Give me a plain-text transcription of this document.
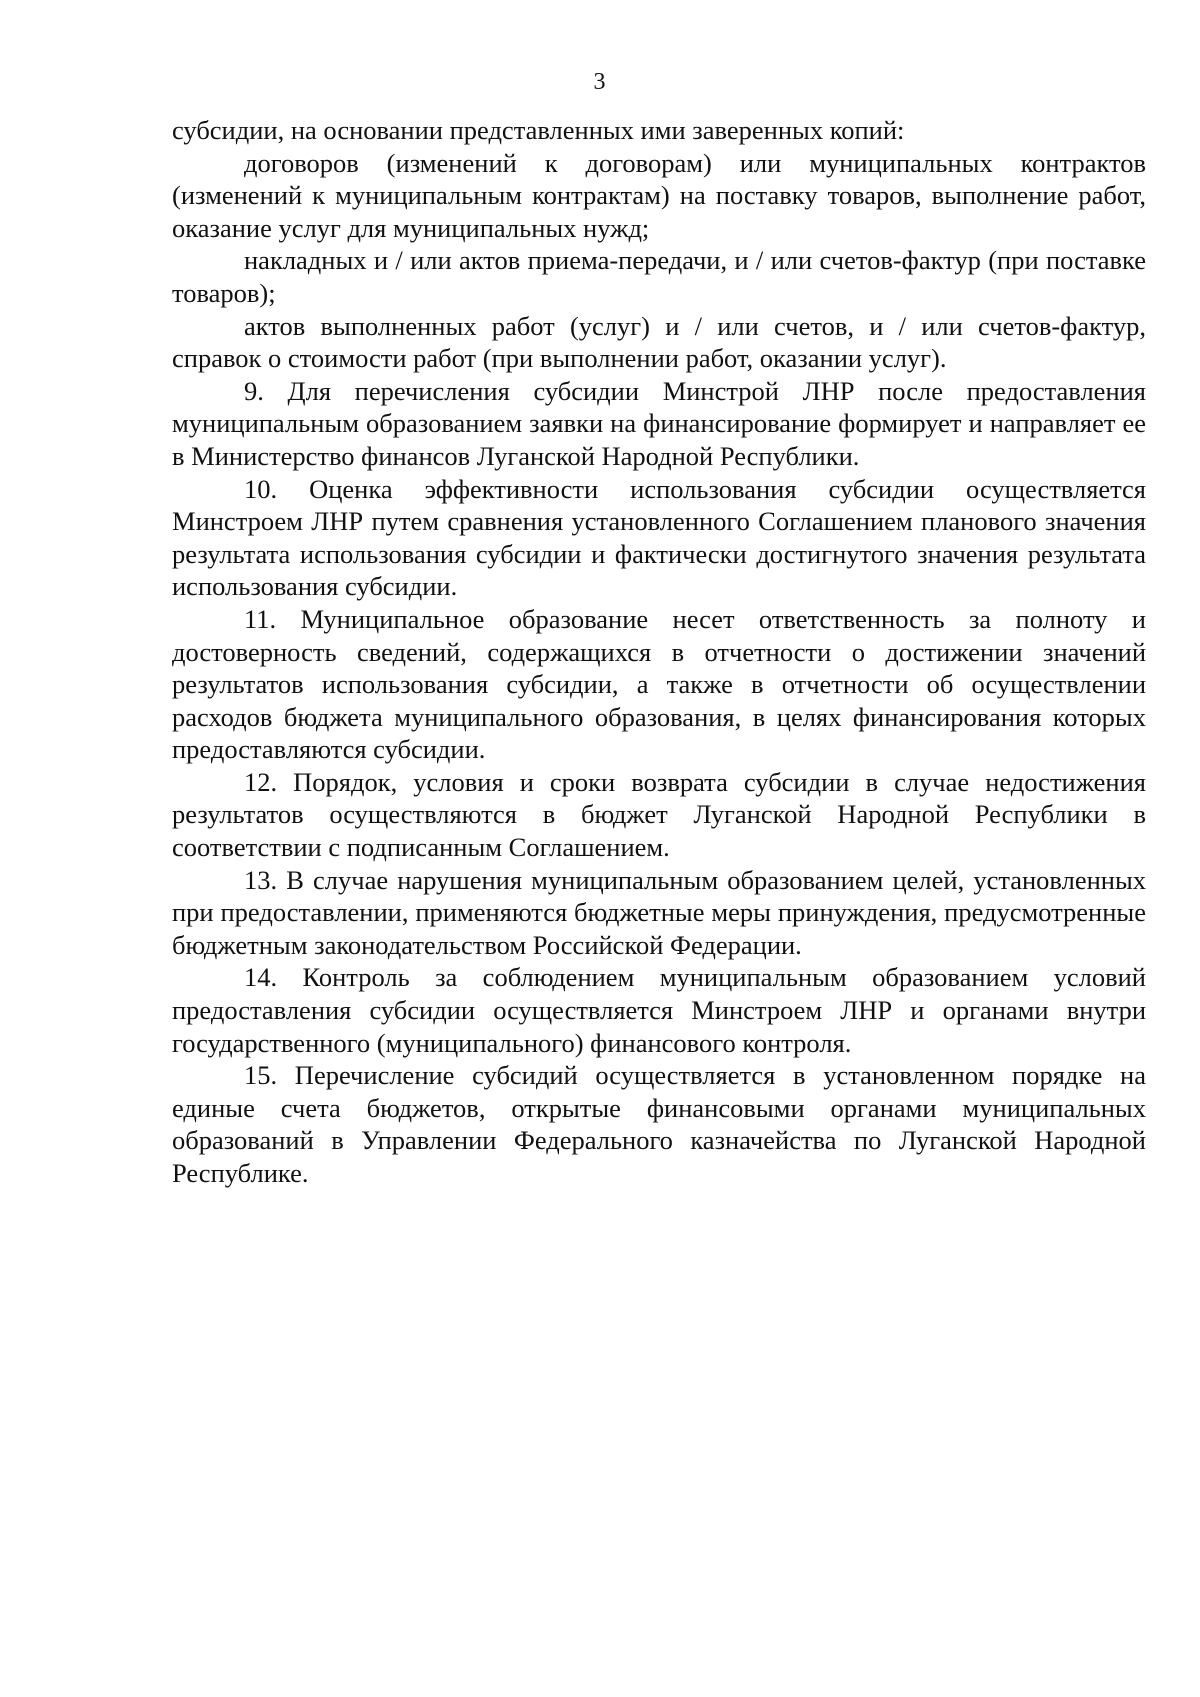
3

субсидии, на основании представленных ими заверенных копий:

договоров (изменений к договорам) или муниципальных контрактов (изменений к муниципальным контрактам) на поставку товаров, выполнение работ, оказание услуг для муниципальных нужд;

накладных и / или актов приема-передачи, и / или счетов-фактур (при поставке товаров);

актов выполненных работ (услуг) и / или счетов, и / или счетов-фактур, справок о стоимости работ (при выполнении работ, оказании услуг).

9. Для перечисления субсидии Минстрой ЛНР после предоставления муниципальным образованием заявки на финансирование формирует и направляет ее в Министерство финансов Луганской Народной Республики.

10. Оценка эффективности использования субсидии осуществляется Минстроем ЛНР путем сравнения установленного Соглашением планового значения результата использования субсидии и фактически достигнутого значения результата использования субсидии.

11. Муниципальное образование несет ответственность за полноту и достоверность сведений, содержащихся в отчетности о достижении значений результатов использования субсидии, а также в отчетности об осуществлении расходов бюджета муниципального образования, в целях финансирования которых предоставляются субсидии.

12. Порядок, условия и сроки возврата субсидии в случае недостижения результатов осуществляются в бюджет Луганской Народной Республики в соответствии с подписанным Соглашением.

13. В случае нарушения муниципальным образованием целей, установленных при предоставлении, применяются бюджетные меры принуждения, предусмотренные бюджетным законодательством Российской Федерации.

14. Контроль за соблюдением муниципальным образованием условий предоставления субсидии осуществляется Минстроем ЛНР и органами внутри государственного (муниципального) финансового контроля.

15. Перечисление субсидий осуществляется в установленном порядке на единые счета бюджетов, открытые финансовыми органами муниципальных образований в Управлении Федерального казначейства по Луганской Народной Республике.
